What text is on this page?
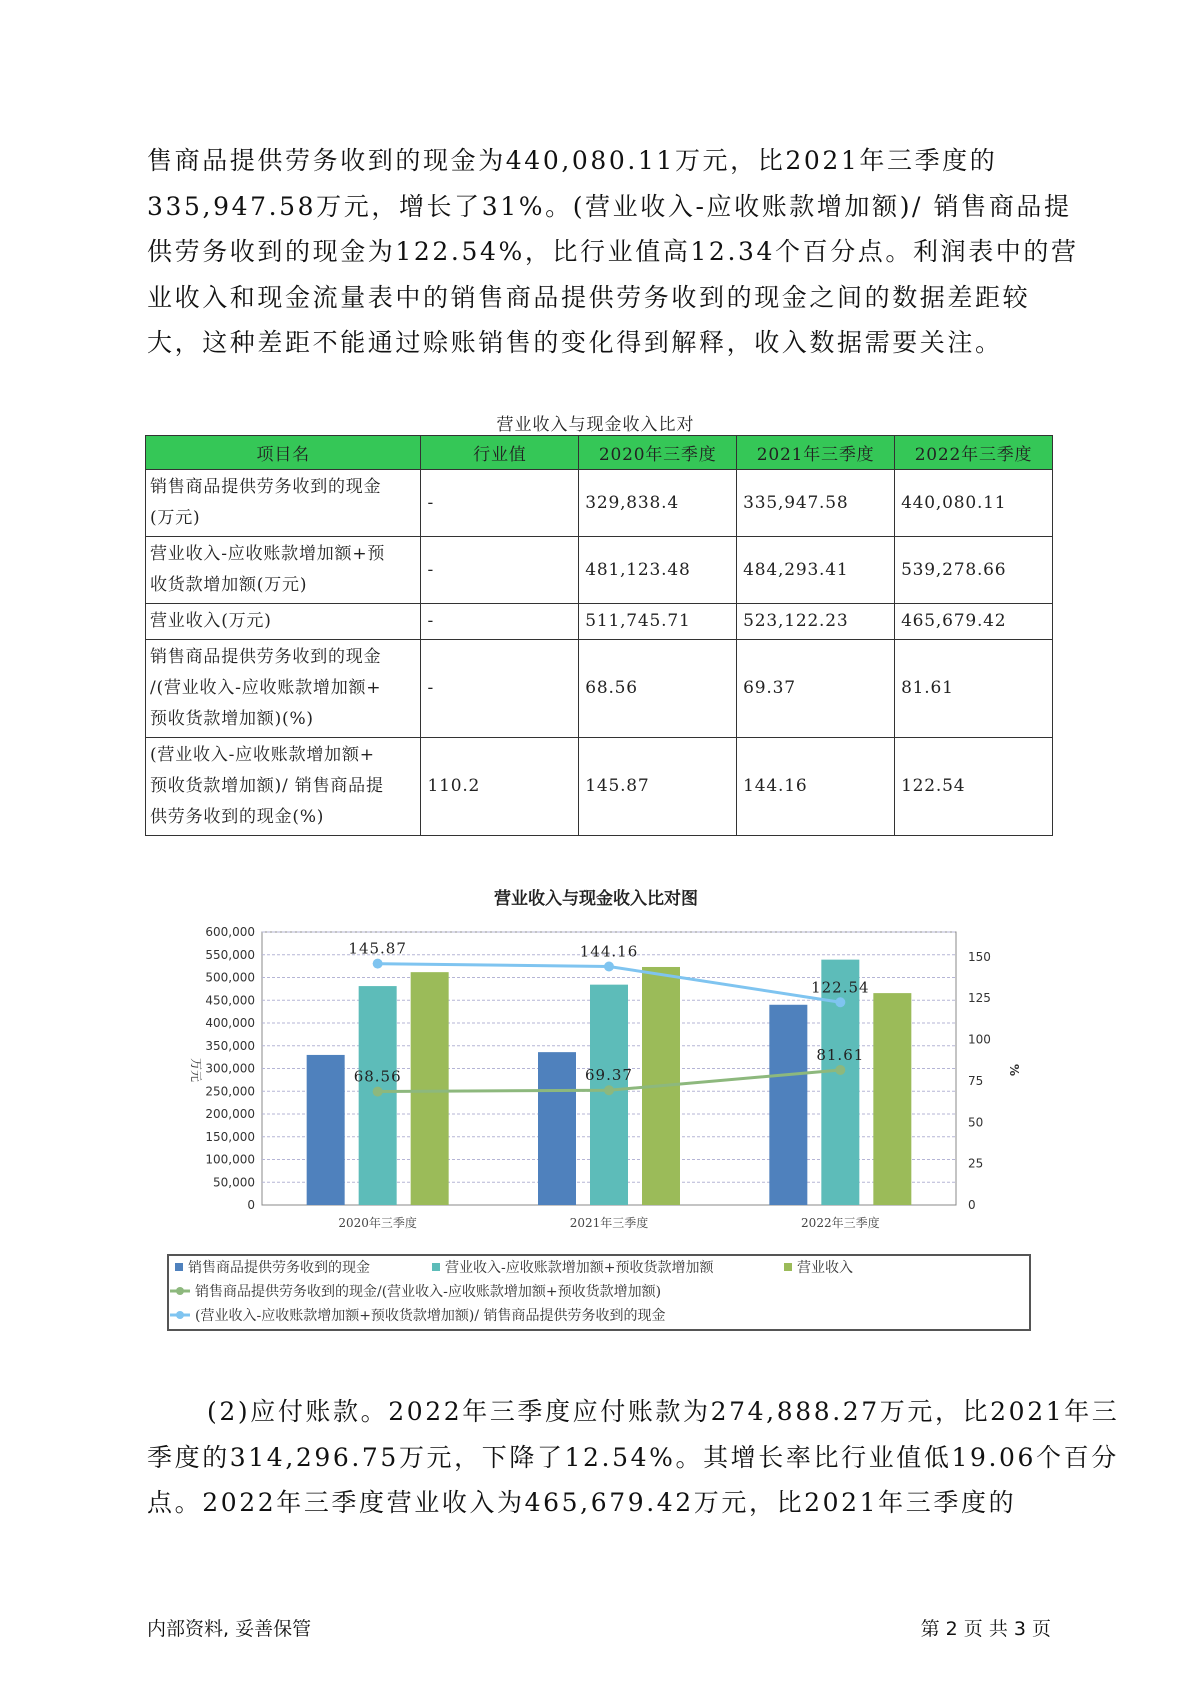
售商品提供劳务收到的现金为440,080.11万元，比2021年三季度的
335,947.58万元，增长了31%。(营业收入-应收账款增加额)/ 销售商品提
供劳务收到的现金为122.54%，比行业值高12.34个百分点。利润表中的营
业收入和现金流量表中的销售商品提供劳务收到的现金之间的数据差距较
大，这种差距不能通过赊账销售的变化得到解释，收入数据需要关注。
营业收入与现金收入比对
项目名	行业值	2020年三季度	2021年三季度	2022年三季度

销售商品提供劳务收到的现金
(万元)	-	329,838.4	335,947.58	440,080.11

营业收入-应收账款增加额+预
收货款增加额(万元)	-	481,123.48	484,293.41	539,278.66

营业收入(万元)	-	511,745.71	523,122.23	465,679.42

销售商品提供劳务收到的现金
/(营业收入-应收账款增加额+
预收货款增加额)(%)	-	68.56	69.37	81.61

(营业收入-应收账款增加额+
预收货款增加额)/ 销售商品提
供劳务收到的现金(%)	110.2	145.87	144.16	122.54
营业收入与现金收入比对图
0
50,000
100,000
150,000
200,000
250,000
300,000
350,000
400,000
450,000
500,000
550,000
600,000
0
25
50
75
100
125
150
万元	%
2020年三季度	2021年三季度	2022年三季度
68.56	69.37
81.61
145.87	144.16
122.54
销售商品提供劳务收到的现金	营业收入-应收账款增加额+预收货款增加额	营业收入
销售商品提供劳务收到的现金/(营业收入-应收账款增加额+预收货款增加额)
(营业收入-应收账款增加额+预收货款增加额)/ 销售商品提供劳务收到的现金
(2)应付账款。2022年三季度应付账款为274,888.27万元，比2021年三
季度的314,296.75万元，下降了12.54%。其增长率比行业值低19.06个百分
点。2022年三季度营业收入为465,679.42万元，比2021年三季度的
内部资料, 妥善保管	第 2 页 共 3 页
